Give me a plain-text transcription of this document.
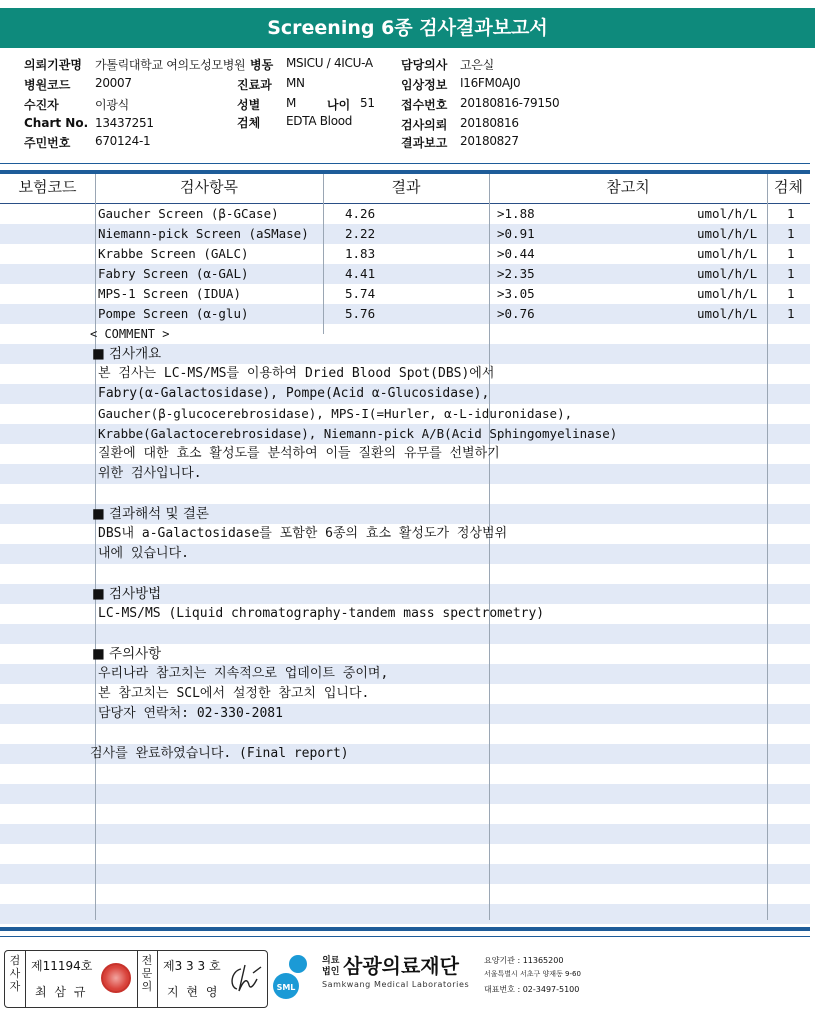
Screening 6종 검사결과보고서
의뢰기관명 가톨릭대학교 여의도성모병원 병동 MSICU / 4ICU-A 담당의사 고은실
병원코드 20007	진료과 MN	임상정보 I16FM0AJ0
수진자	이광식	성별 M	나이 51 접수번호 20180816-79150
Chart No. 13437251	검체 EDTA Blood	검사의뢰 20180816
주민번호 670124-1	결과보고 20180827
보험코드	검사항목	결과	참고치	검체
Gaucher Screen (β-GCase)	4.26	>1.88	umol/h/L 1
Niemann-pick Screen (aSMase)	2.22	>0.91	umol/h/L 1
Krabbe Screen (GALC)	1.83	>0.44	umol/h/L 1
Fabry Screen (α-GAL)	4.41	>2.35	umol/h/L 1
MPS-1 Screen (IDUA)	5.74	>3.05	umol/h/L 1
Pompe Screen (α-glu)	5.76	>0.76	umol/h/L 1
< COMMENT >
■ 검사개요
본 검사는 LC-MS/MS를 이용하여 Dried Blood Spot(DBS)에서
Fabry(α-Galactosidase), Pompe(Acid α-Glucosidase),
Gaucher(β-glucocerebrosidase), MPS-I(=Hurler, α-L-iduronidase),
Krabbe(Galactocerebrosidase), Niemann-pick A/B(Acid Sphingomyelinase)
질환에 대한 효소 활성도를 분석하여 이들 질환의 유무를 선별하기
위한 검사입니다.
■ 결과해석 및 결론
DBS내 a-Galactosidase를 포함한 6종의 효소 활성도가 정상범위
내에 있습니다.
■ 검사방법
LC-MS/MS (Liquid chromatography-tandem mass spectrometry)
■ 주의사항
우리나라 참고치는 지속적으로 업데이트 중이며,
본 참고치는 SCL에서 설정한 참고치 입니다.
담당자 연락처: 02-330-2081
검사를 완료하였습니다. (Final report)
검사자
제11194호
최 삼 규
전문의
제3 3 3 호
지 현 영	SML
의료
법인 삼광의료재단
Samkwang Medical Laboratories
요양기관 : 11365200
서울특별시 서초구 양재동 9-60
대표번호 : 02-3497-5100
